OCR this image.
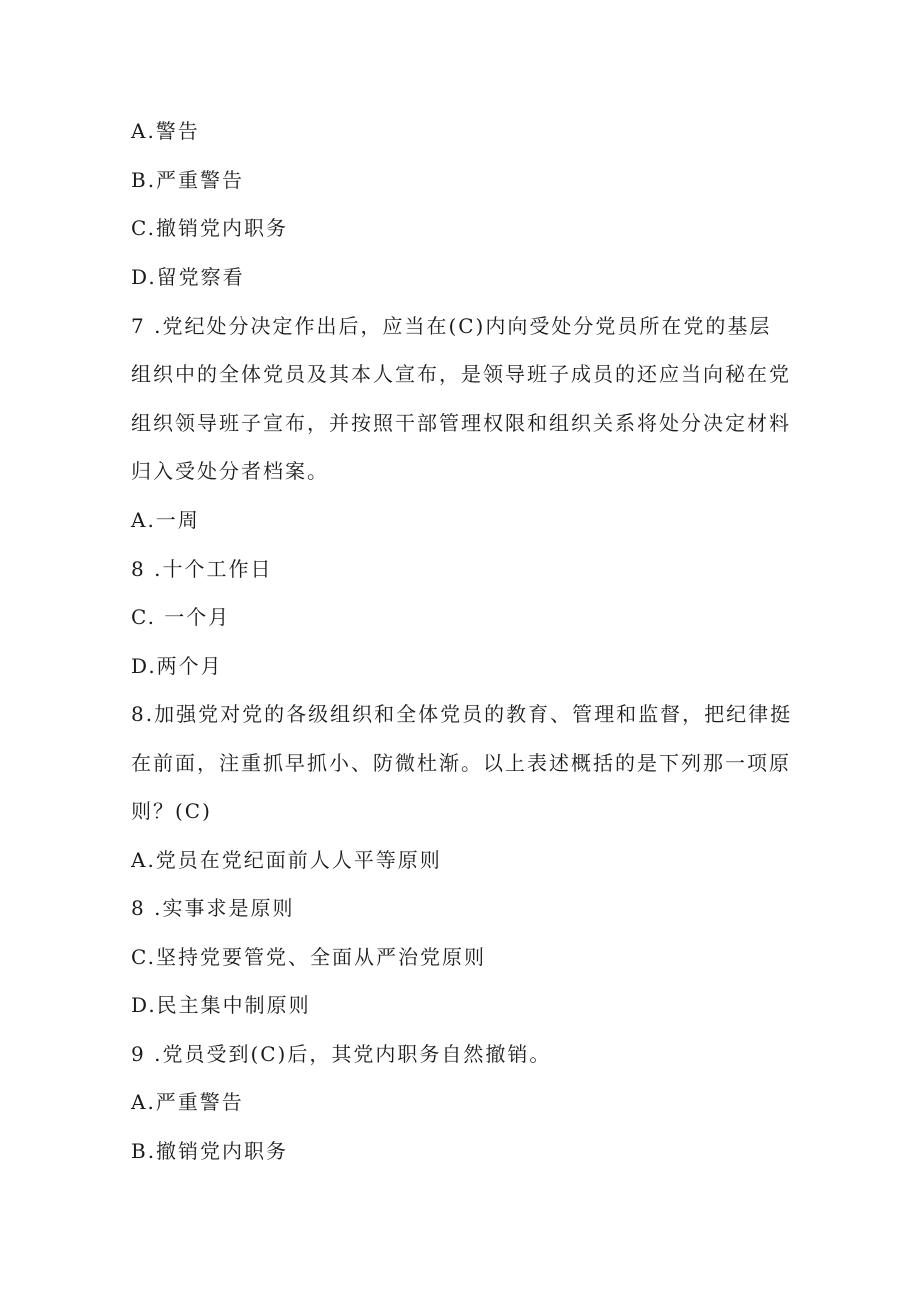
A.警告
B.严重警告
C.撤销党内职务
D.留党察看
7 .党纪处分决定作出后，应当在(C)内向受处分党员所在党的基层
组织中的全体党员及其本人宣布，是领导班子成员的还应当向秘在党
组织领导班子宣布，并按照干部管理权限和组织关系将处分决定材料
归入受处分者档案。
A.一周
8 .十个工作日
C. 一个月
D.两个月
8.加强党对党的各级组织和全体党员的教育、管理和监督，把纪律挺
在前面，注重抓早抓小、防微杜渐。以上表述概括的是下列那一项原
则？(C)
A.党员在党纪面前人人平等原则
8 .实事求是原则
C.坚持党要管党、全面从严治党原则
D.民主集中制原则
9 .党员受到(C)后，其党内职务自然撤销。
A.严重警告
B.撤销党内职务
